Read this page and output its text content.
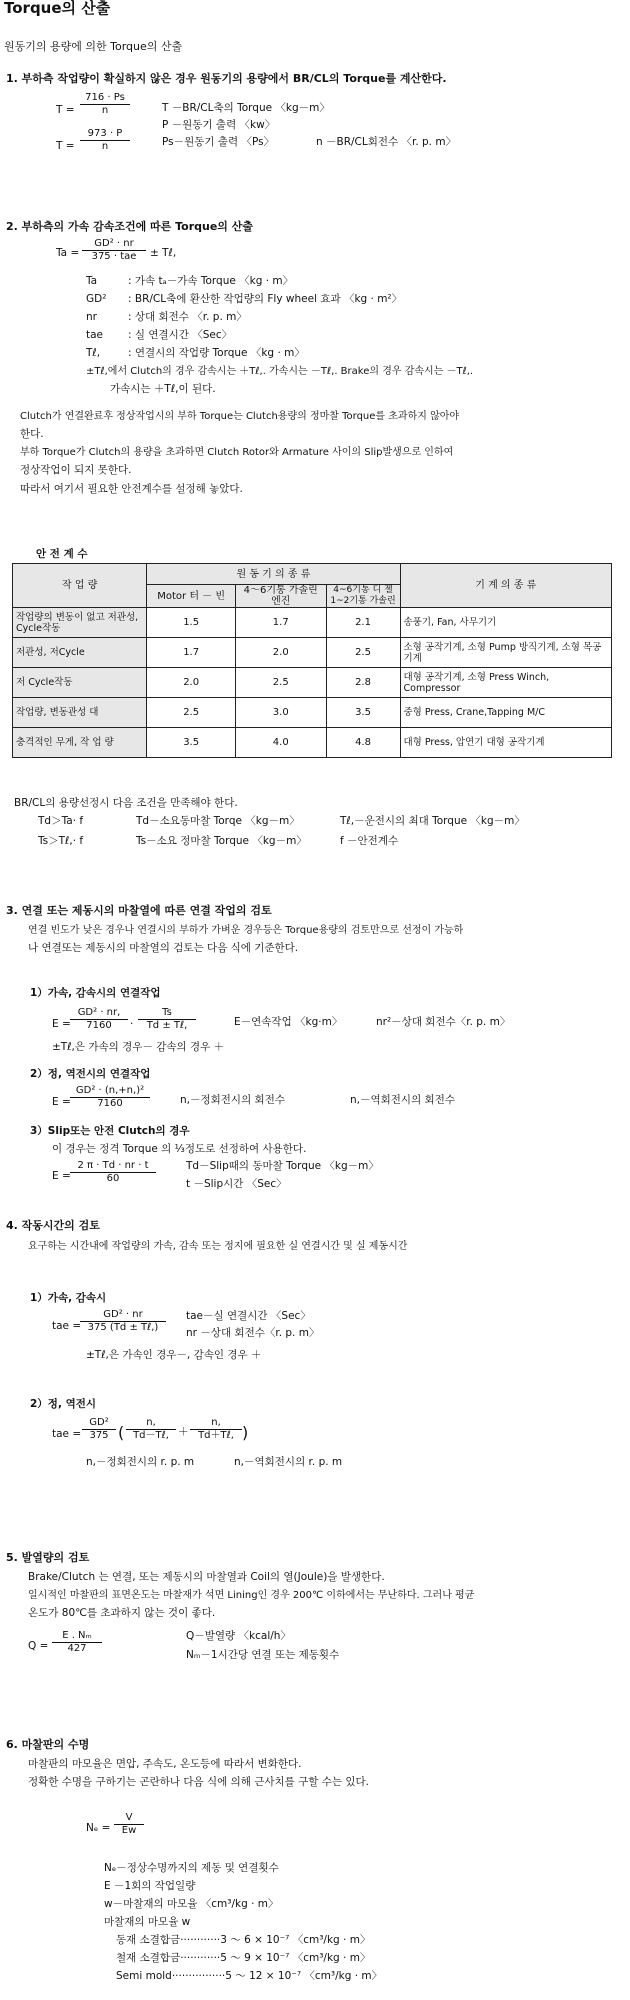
Torque의 산출
원동기의 용량에 의한 Torque의 산출
1. 부하측 작업량이 확실하지 않은 경우 원동기의 용량에서 BR/CL의 Torque를 계산한다.
$T = \frac{716 \cdot Ps}{n}$
$T = \frac{973 \cdot P}{n}$
T －BR/CL축의 Torque 〈kg－m〉
P －원동기 출력 〈kw〉
Ps－원동기 출력 〈Ps〉	n －BR/CL회전수 〈r. p. m〉
2. 부하측의 가속 감속조건에 따른 Torque의 산출
Ta =
GD² · nr
375 · tae	± Tℓ,
Ta	: 가속 tₐ－가속 Torque 〈kg · m〉
GD² : BR/CL축에 환산한 작업량의 Fly wheel 효과 〈kg · m²〉
nr	: 상대 회전수 〈r. p. m〉
tae : 실 연결시간 〈Sec〉
Tℓ,	: 연결시의 작업량 Torque 〈kg · m〉
±Tℓ,에서 Clutch의 경우 감속시는 ＋Tℓ,. 가속시는 －Tℓ,. Brake의 경우 감속시는 －Tℓ,.
가속시는 ＋Tℓ,이 된다.
Clutch가 연결완료후 정상작업시의 부하 Torque는 Clutch용량의 정마찰 Torque를 초과하지 않아야
한다.
부하 Torque가 Clutch의 용량을 초과하면 Clutch Rotor와 Armature 사이의 Slip발생으로 인하여
정상작업이 되지 못한다.
따라서 여기서 필요한 안전계수를 설정해 놓았다.
안 전 계 수
작 업 량	원 동 기 의 종 류			기 계 의 종 류
	Motor 터 － 빈	4～6기통 가솔린 엔진	4~6기통 디 젤 1~2기통 가솔린	
작업량의 변동이 없고 저관성, Cycle작동	1.5	1.7	2.1	송풍기, Fan, 사무기기
저관성, 저Cycle	1.7	2.0	2.5	소형 공작기계, 소형 Pump 방직기계, 소형 목공기계
저 Cycle작동	2.0	2.5	2.8	대형 공작기계, 소형 Press Winch, Compressor
작업량, 변동관성 대	2.5	3.0	3.5	중형 Press, Crane,Tapping M/C
충격적인 무게, 작 업 량	3.5	4.0	4.8	대형 Press, 압연기 대형 공작기계
BR/CL의 용량선정시 다음 조건을 만족해야 한다.
Td＞Ta· f
Ts＞Tℓ,· f
Td－소요동마찰 Torqe 〈kg－m〉
Ts－소요 정마찰 Torque 〈kg－m〉
Tℓ,－운전시의 최대 Torque 〈kg－m〉
f －안전계수
3. 연결 또는 제동시의 마찰열에 따른 연결 작업의 검토
연결 빈도가 낮은 경우나 연결시의 부하가 가벼운 경우등은 Torque용량의 검토만으로 선정이 가능하
나 연결또는 제동시의 마찰열의 검토는 다음 식에 기준한다.
1）가속, 감속시의 연결작업
$E = \frac{\text{GD² · nr,}}{7160}$ ·
Ts
Td ± Tℓ,	E－연속작업 〈kg·m〉	nr²－상대 회전수〈r. p. m〉
±Tℓ,은 가속의 경우－ 감속의 경우 ＋
2）정, 역전시의 연결작업
$E = \frac{\text{GD² · (n,+n,)²}}{7160}$	n,－정회전시의 회전수	n,－역회전시의 회전수
3）Slip또는 안전 Clutch의 경우
이 경우는 정격 Torque 의 ⅓정도로 선정하여 사용한다.
$E = \frac{2 \pi \cdot Td \cdot nr \cdot t}{60}$	Td－Slip때의 동마찰 Torque 〈kg－m〉
t －Slip시간 〈Sec〉
4. 작동시간의 검토
요구하는 시간내에 작업량의 가속, 감속 또는 정지에 필요한 실 연결시간 및 실 제동시간
1）가속, 감속시
tae =
GD² · nr
375 (Td ± Tℓ,)
tae－실 연결시간 〈Sec〉
nr －상대 회전수〈r. p. m〉
±Tℓ,은 가속인 경우－, 감속인 경우 ＋
2）정, 역전시
tae = $\frac{\text{GD²}}{375}$ (
n,
Td－Tℓ, ＋
n,
Td＋Tℓ, )
n,－정회전시의 r. p. m	n,－역회전시의 r. p. m
5. 발열량의 검토
Brake/Clutch 는 연결, 또는 제동시의 마찰열과 Coil의 열(Joule)을 발생한다.
일시적인 마찰판의 표면온도는 마찰재가 석면 Lining인 경우 200℃ 이하에서는 무난하다. 그러나 평균
온도가 80℃를 초과하지 않는 것이 좋다.
$Q = \frac{\text{E . Nₘ}}{427}$	Q－발열량 〈kcal/h〉
Nₘ－1시간당 연결 또는 제동횟수
6. 마찰판의 수명
마찰판의 마모율은 면압, 주속도, 온도등에 따라서 변화한다.
정확한 수명을 구하기는 곤란하나 다음 식에 의해 근사치를 구할 수는 있다.
$N_e = \frac{V}{Ew}$
Nₑ－정상수명까지의 제동 및 연결횟수
E －1회의 작업일량
w－마찰재의 마모율 〈cm³/kg · m〉
마찰재의 마모율 w
동재 소결합금············3 ～ 6 × 10⁻⁷ 〈cm³/kg · m〉
철재 소결합금············5 ～ 9 × 10⁻⁷ 〈cm³/kg · m〉
Semi mold················5 ～ 12 × 10⁻⁷ 〈cm³/kg · m〉
